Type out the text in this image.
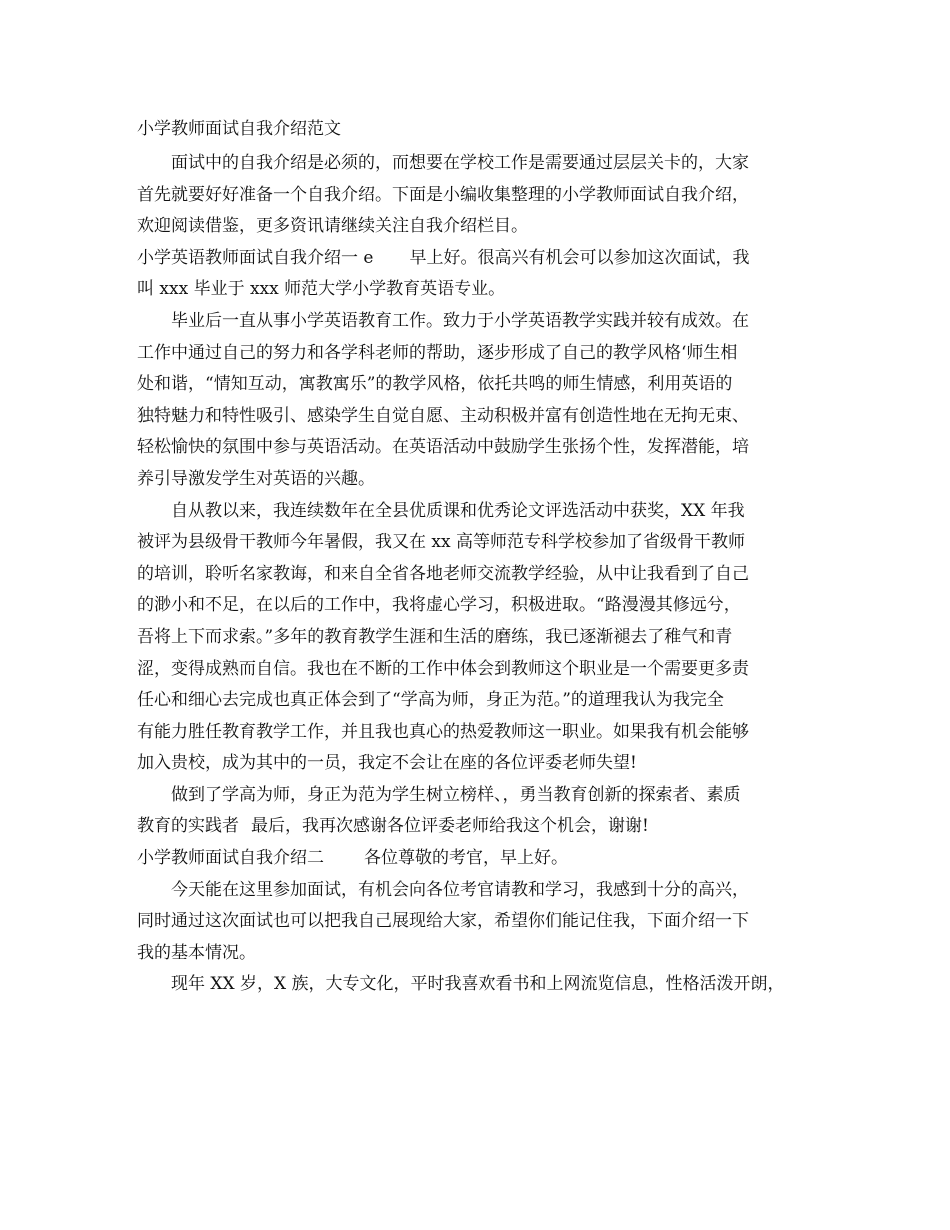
小学教师面试自我介绍范文
面试中的自我介绍是必须的，而想要在学校工作是需要通过层层关卡的，大家
首先就要好好准备一个自我介绍。下面是小编收集整理的小学教师面试自我介绍，
欢迎阅读借鉴，更多资讯请继续关注自我介绍栏目。
小学英语教师面试自我介绍一 e 早上好。很高兴有机会可以参加这次面试，我
叫 xxx 毕业于 xxx 师范大学小学教育英语专业。
毕业后一直从事小学英语教育工作。致力于小学英语教学实践并较有成效。在
工作中通过自己的努力和各学科老师的帮助，逐步形成了自己的教学风格‘师生相
处和谐，“情知互动，寓教寓乐”的教学风格，依托共鸣的师生情感，利用英语的
独特魅力和特性吸引、感染学生自觉自愿、主动积极并富有创造性地在无拘无束、
轻松愉快的氛围中参与英语活动。在英语活动中鼓励学生张扬个性，发挥潜能，培
养引导激发学生对英语的兴趣。
自从教以来，我连续数年在全县优质课和优秀论文评选活动中获奖，XX 年我
被评为县级骨干教师今年暑假，我又在 xx 高等师范专科学校参加了省级骨干教师
的培训，聆听名家教诲，和来自全省各地老师交流教学经验，从中让我看到了自己
的渺小和不足，在以后的工作中，我将虚心学习，积极进取。“路漫漫其修远兮，
吾将上下而求索。”多年的教育教学生涯和生活的磨练，我已逐渐褪去了稚气和青
涩，变得成熟而自信。我也在不断的工作中体会到教师这个职业是一个需要更多责
任心和细心去完成也真正体会到了“学高为师，身正为范。”的道理我认为我完全
有能力胜任教育教学工作，并且我也真心的热爱教师这一职业。如果我有机会能够
加入贵校，成为其中的一员，我定不会让在座的各位评委老师失望!
做到了学高为师，身正为范为学生树立榜样、，勇当教育创新的探索者、素质
教育的实践者 最后，我再次感谢各位评委老师给我这个机会，谢谢!
小学教师面试自我介绍二 各位尊敬的考官，早上好。
今天能在这里参加面试，有机会向各位考官请教和学习，我感到十分的高兴，
同时通过这次面试也可以把我自己展现给大家，希望你们能记住我，下面介绍一下
我的基本情况。
现年 XX 岁，X 族，大专文化，平时我喜欢看书和上网流览信息，性格活泼开朗，
